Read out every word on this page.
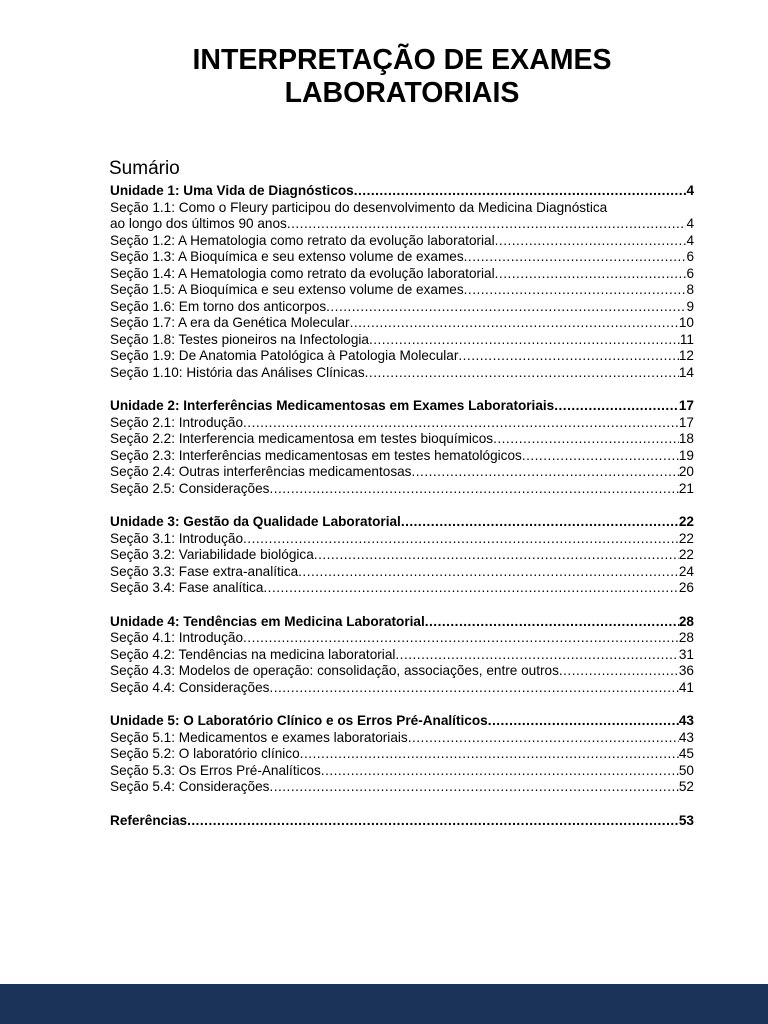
INTERPRETAÇÃO DE EXAMES
LABORATORIAIS
Sumário
Unidade 1: Uma Vida de Diagnósticos .....	4
Seção 1.1: Como o Fleury participou do desenvolvimento da Medicina Diagnóstica
ao longo dos últimos 90 anos .....	4
Seção 1.2: A Hematologia como retrato da evolução laboratorial .....	4
Seção 1.3: A Bioquímica e seu extenso volume de exames .....	6
Seção 1.4: A Hematologia como retrato da evolução laboratorial .....	6
Seção 1.5: A Bioquímica e seu extenso volume de exames .....	8
Seção 1.6: Em torno dos anticorpos .....	9
Seção 1.7: A era da Genética Molecular .....	10
Seção 1.8: Testes pioneiros na Infectologia .....	11
Seção 1.9: De Anatomia Patológica à Patologia Molecular .....	12
Seção 1.10: História das Análises Clínicas .....	14
Unidade 2: Interferências Medicamentosas em Exames Laboratoriais .....	17
Seção 2.1: Introdução .....	17
Seção 2.2: Interferencia medicamentosa em testes bioquímicos .....	18
Seção 2.3: Interferências medicamentosas em testes hematológicos .....	19
Seção 2.4: Outras interferências medicamentosas .....	20
Seção 2.5: Considerações .....	21
Unidade 3: Gestão da Qualidade Laboratorial .....	22
Seção 3.1: Introdução .....	22
Seção 3.2: Variabilidade biológica .....	22
Seção 3.3: Fase extra-analítica .....	24
Seção 3.4: Fase analítica .....	26
Unidade 4: Tendências em Medicina Laboratorial .....	28
Seção 4.1: Introdução .....	28
Seção 4.2: Tendências na medicina laboratorial .....	31
Seção 4.3: Modelos de operação: consolidação, associações, entre outros .....	36
Seção 4.4: Considerações .....	41
Unidade 5: O Laboratório Clínico e os Erros Pré-Analíticos .....	43
Seção 5.1: Medicamentos e exames laboratoriais .....	43
Seção 5.2: O laboratório clínico .....	45
Seção 5.3: Os Erros Pré-Analíticos .....	50
Seção 5.4: Considerações .....	52
Referências .....	53
